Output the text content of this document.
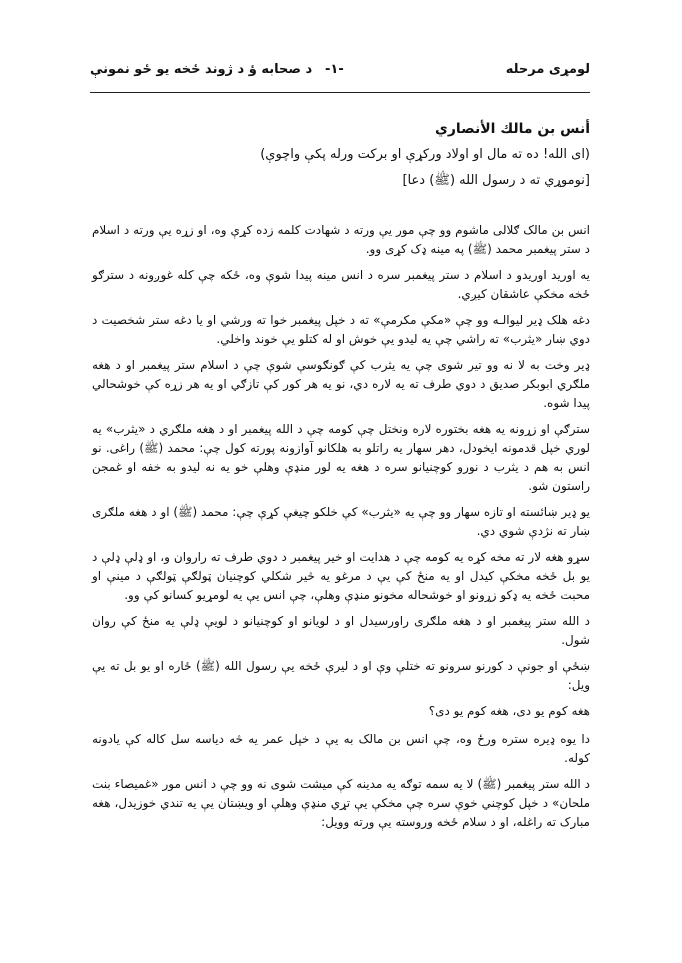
لومړی مرحله
-۱-
د صحابه ؤ د ژوند ځخه یو ځو نمونې

أنس بن مالك الأنصاري

(ای الله! ده ته مال او اولاد ورکړې او برکت ورله پکې واچوې)

[نوموړي ته د رسول الله (ﷺ) دعا]

انس بن مالک ګلالی ماشوم وو چې مور یې ورته د شهادت کلمه زده کړې وه، او زړه یې ورته د اسلام د ستر پیغمبر محمد (ﷺ) په مینه ډک کړی وو.

یه اورید اوریدو د اسلام د ستر پیغمبر سره د انس مینه پیدا شوې وه، ځکه چې کله غوږونه د سترګو ځخه مخکې عاشقان کیږي.

دغه هلک ډیر لیوالـه وو چې «مکې مکرمې» ته د خپل پیغمبر خوا ته ورشي او یا دغه ستر شخصیت د دوي ښار «یثرب» ته راشي چې یه لیدو یې خوش او له کتلو یې خوند واخلي.

ډیر وخت به لا نه وو تیر شوی چې یه یثرب کې ګونګوسې شوې چې د اسلام ستر پیغمبر او د هغه ملګري ابوبکر صدیق د دوي طرف ته یه لاره دي، نو یه هر کور کې تازګي او یه هر زړه کې خوشحالي پیدا شوه.

سترګې او زړونه یه هغه بختوره لاره ونختل چې کومه چې د الله پیغمبر او د هغه ملګري د «یثرب» یه لوري خپل قدمونه ایخودل، دهر سهار یه راتلو به هلکانو آوازونه پورته کول چې: محمد (ﷺ) راغی. نو انس به هم د یثرب د نورو کوچنیانو سره د هغه یه لور منډې وهلې خو یه نه لیدو به خفه او غمجن راستون شو.

یو ډیر ښائسته او تازه سهار وو چې یه «یثرب» کې خلکو چیغې کړې چې: محمد (ﷺ) او د هغه ملګری ښار ته نژدې شوي دي.

سړو هغه لار ته مخه کړه یه کومه چې د هدایت او خیر پیغمبر د دوي طرف ته راروان و، او ډلې ډلې د یو بل ځخه مخکې کیدل او یه منځ کې یې د مرغو یه څیر شکلي کوچنیان ټولګې ټولګې د مینې او محبت ځخه یه ډکو زړونو او خوشحاله مخونو منډې وهلې، چې انس یې یه لومړیو کسانو کې وو.

د الله ستر پیغمبر او د هغه ملګری راورسیدل او د لویانو او کوچنیانو د لویې ډلې یه منځ کې روان شول.

ښځې او جونې د کورنو سرونو ته ختلې وې او د لیرې ځخه یې رسول الله (ﷺ) ځاره او یو بل ته یې ویل:

هغه کوم یو دی، هغه کوم یو دی؟

دا یوه ډیره ستره ورځ وه، چې انس بن مالک به یې د خپل عمر یه څه دیاسه سل کاله کې یادونه کوله.

د الله ستر پیغمبر (ﷺ) لا یه سمه توګه یه مدینه کې میشت شوی نه وو چې د انس مور «غمیصاء بنت ملحان» د خپل کوچني خوې سره چې مخکې یې تړي منډې وهلې او ویښتان یې یه تندي خوزیدل، هغه مبارک ته راغله، او د سلام ځخه وروسته یې ورته وویل:
